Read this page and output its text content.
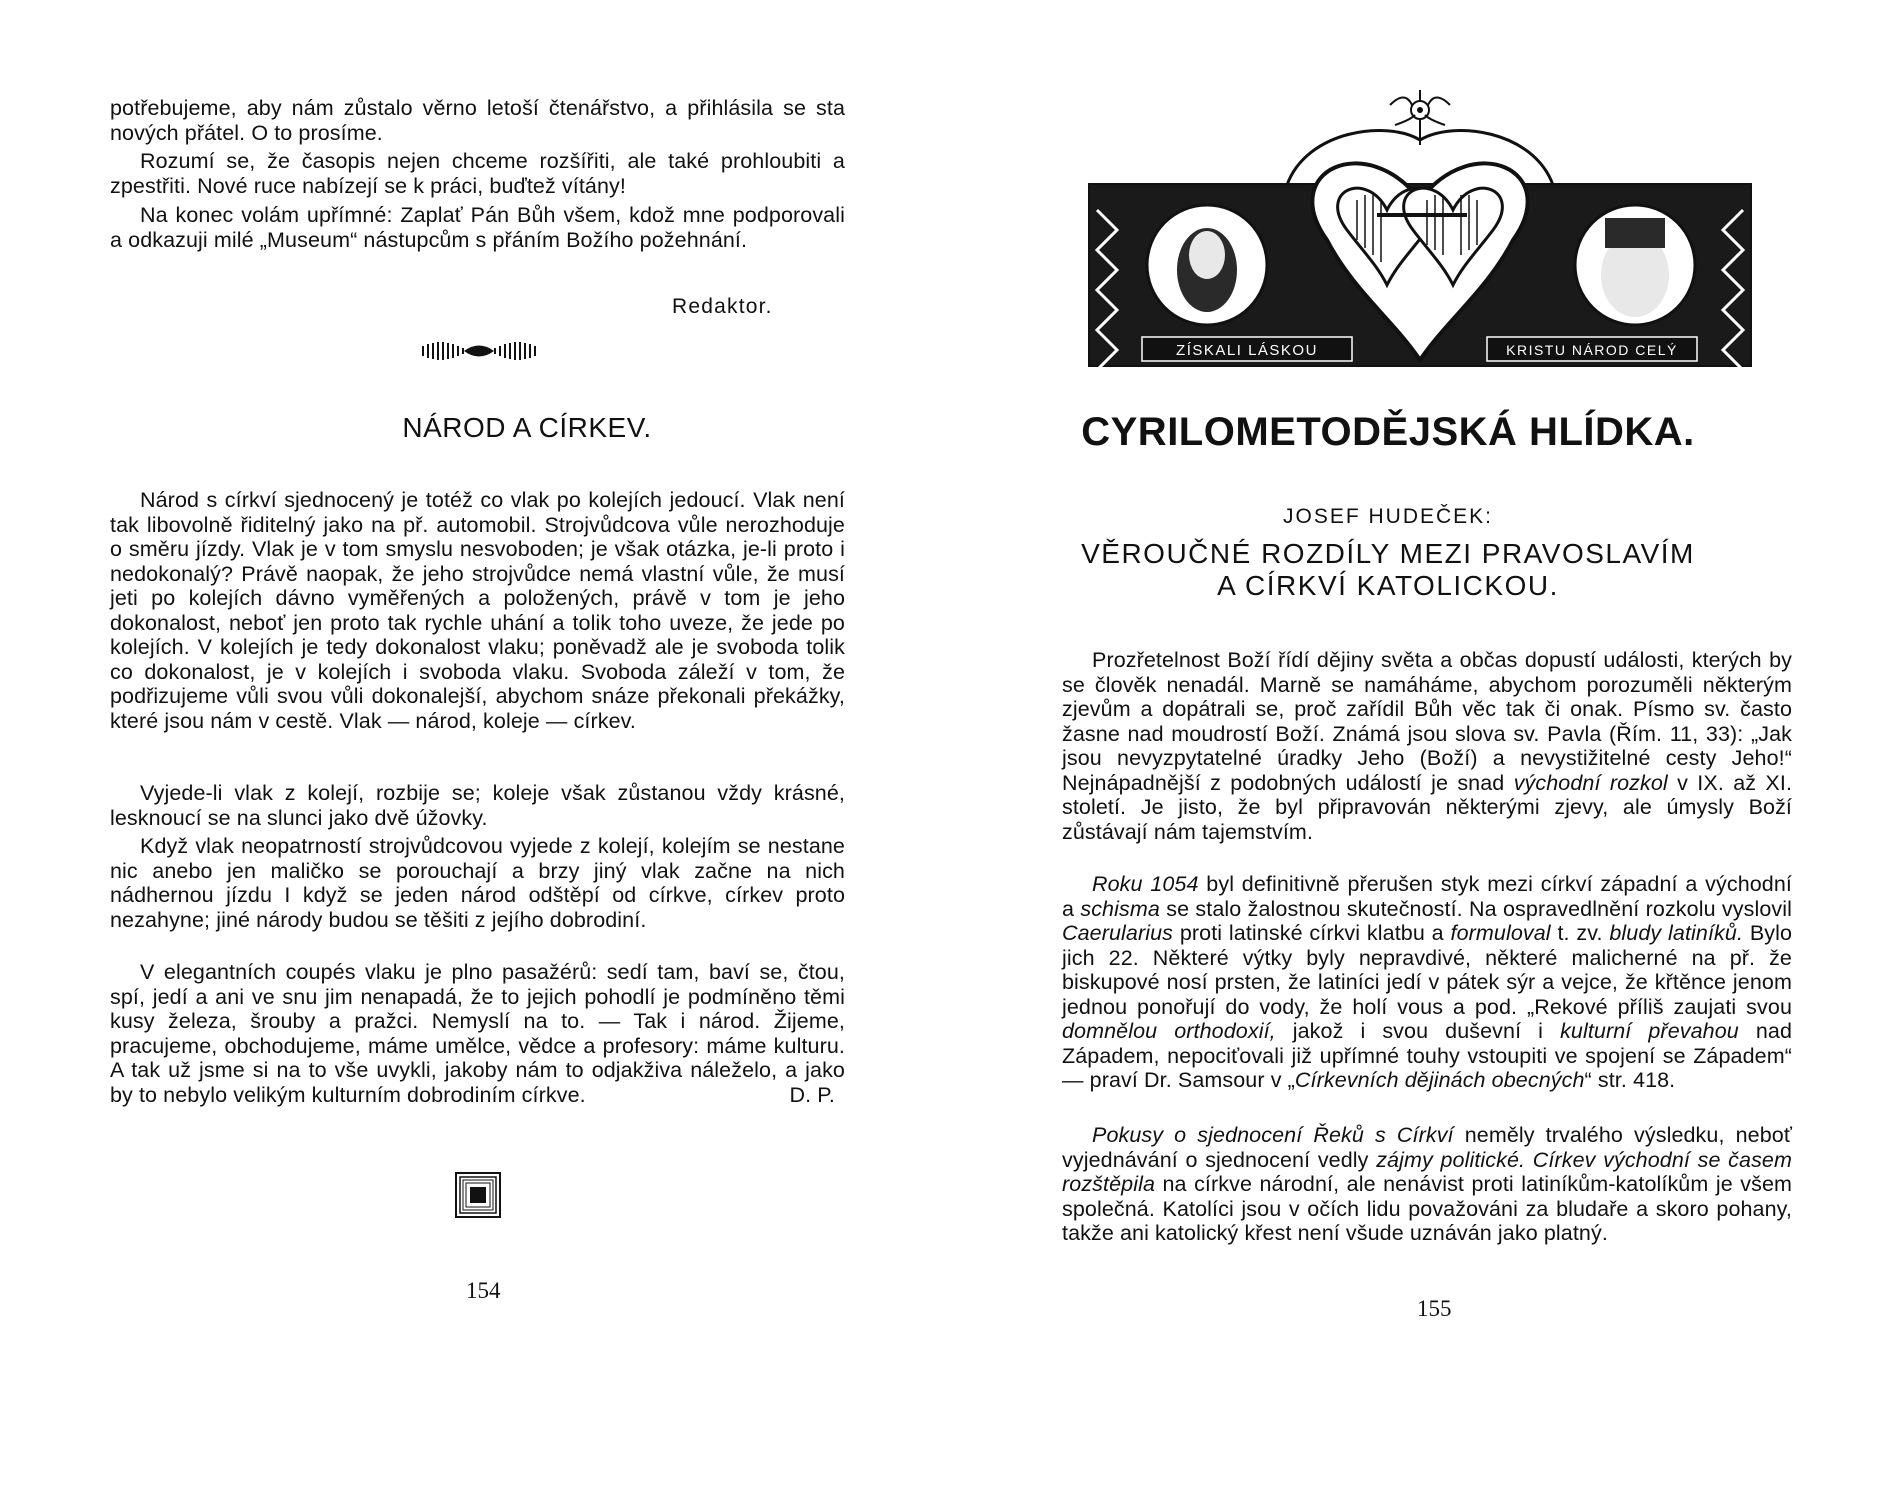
potřebujeme, aby nám zůstalo věrno letoší čtenářstvo, a přihlásila se sta nových přátel. O to prosíme.

Rozumí se, že časopis nejen chceme rozšířiti, ale také prohloubiti a zpestřiti. Nové ruce nabízejí se k práci, buďtež vítány!

Na konec volám upřímné: Zaplať Pán Bůh všem, kdož mne podporovali a odkazuji milé „Museum“ nástupcům s přáním Božího požehnání.

Redaktor.
NÁROD A CÍRKEV.

Národ s církví sjednocený je totéž co vlak po kolejích jedoucí. Vlak není tak libovolně řiditelný jako na př. automobil. Strojvůdcova vůle nerozhoduje o směru jízdy. Vlak je v tom smyslu nesvoboden; je však otázka, je-li proto i nedokonalý? Právě naopak, že jeho strojvůdce nemá vlastní vůle, že musí jeti po kolejích dávno vyměřených a položených, právě v tom je jeho dokonalost, neboť jen proto tak rychle uhání a tolik toho uveze, že jede po kolejích. V kolejích je tedy dokonalost vlaku; poněvadž ale je svoboda tolik co dokonalost, je v kolejích i svoboda vlaku. Svoboda záleží v tom, že podřizujeme vůli svou vůli dokonalejší, abychom snáze překonali překážky, které jsou nám v cestě. Vlak — národ, koleje — církev.

Vyjede-li vlak z kolejí, rozbije se; koleje však zůstanou vždy krásné, lesknoucí se na slunci jako dvě úžovky.

Když vlak neopatrností strojvůdcovou vyjede z kolejí, kolejím se nestane nic anebo jen maličko se porouchají a brzy jiný vlak začne na nich nádhernou jízdu I když se jeden národ odštěpí od církve, církev proto nezahyne; jiné národy budou se těšiti z jejího dobrodiní.

V elegantních coupés vlaku je plno pasažérů: sedí tam, baví se, čtou, spí, jedí a ani ve snu jim nenapadá, že to jejich pohodlí je podmíněno těmi kusy železa, šrouby a pražci. Nemyslí na to. — Tak i národ. Žijeme, pracujeme, obchodujeme, máme umělce, vědce a profesory: máme kulturu. A tak už jsme si na to vše uvykli, jakoby nám to odjakživa náleželo, a jako by to nebylo velikým kulturním dobrodiním církve.	D. P.
154
ZÍSKALI LÁSKOU	KRISTU NÁROD CELÝ
CYRILOMETODĚJSKÁ HLÍDKA.
JOSEF HUDEČEK:
VĚROUČNÉ ROZDÍLY MEZI PRAVOSLAVÍM
A CÍRKVÍ KATOLICKOU.

Prozřetelnost Boží řídí dějiny světa a občas dopustí události, kterých by se člověk nenadál. Marně se namáháme, abychom porozuměli některým zjevům a dopátrali se, proč zařídil Bůh věc tak či onak. Písmo sv. často žasne nad moudrostí Boží. Známá jsou slova sv. Pavla (Řím. 11, 33): „Jak jsou nevyzpytatelné úradky Jeho (Boží) a nevystižitelné cesty Jeho!“ Nejnápadnější z podobných událostí je snad východní rozkol v IX. až XI. století. Je jisto, že byl připravován některými zjevy, ale úmysly Boží zůstávají nám tajemstvím.

Roku 1054 byl definitivně přerušen styk mezi církví západní a východní a schisma se stalo žalostnou skutečností. Na ospravedlnění rozkolu vyslovil Caerularius proti latinské církvi klatbu a formuloval t. zv. bludy latiníků. Bylo jich 22. Některé výtky byly nepravdivé, některé malicherné na př. že biskupové nosí prsten, že latiníci jedí v pátek sýr a vejce, že křtěnce jenom jednou ponořují do vody, že holí vous a pod. „Rekové příliš zaujati svou domnělou orthodoxií, jakož i svou duševní i kulturní převahou nad Západem, nepociťovali již upřímné touhy vstoupiti ve spojení se Západem“ — praví Dr. Samsour v „Církevních dějinách obecných“ str. 418.

Pokusy o sjednocení Řeků s Církví neměly trvalého výsledku, neboť vyjednávání o sjednocení vedly zájmy politické. Církev východní se časem rozštěpila na církve národní, ale nenávist proti latiníkům-katolíkům je všem společná. Katolíci jsou v očích lidu považováni za bludaře a skoro pohany, takže ani katolický křest není všude uznáván jako platný.

155
